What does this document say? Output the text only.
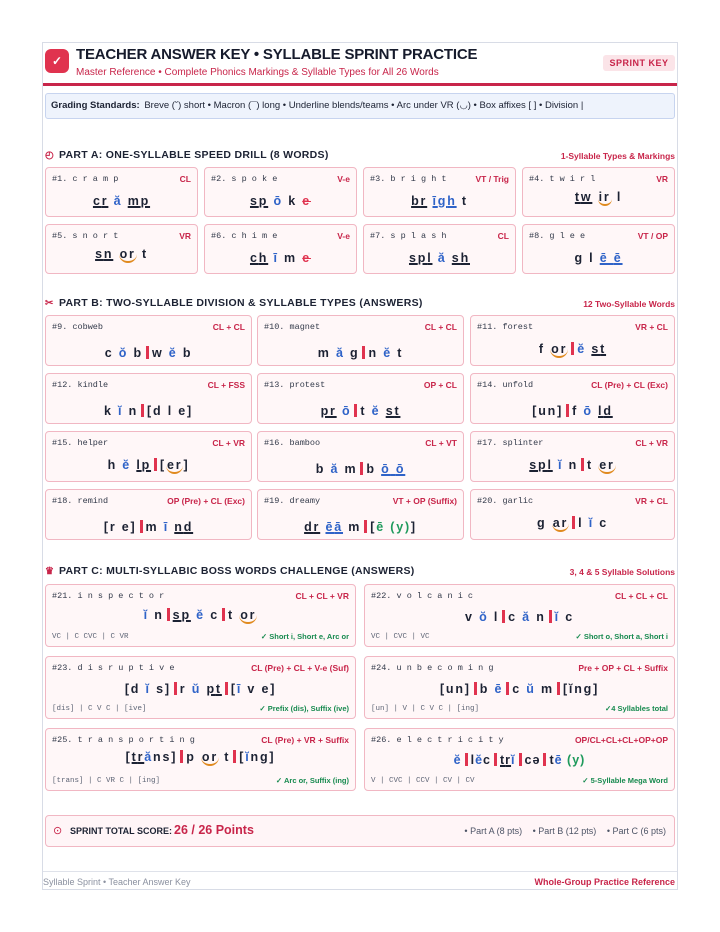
✓ TEACHER ANSWER KEY • SYLLABLE SPRINT PRACTICE
Master Reference • Complete Phonics Markings & Syllable Types for All 26 Words
SPRINT KEY
Grading Standards: Breve (˘) short • Macron (¯) long • Underline blends/teams • Arc under VR (◡) • Box affixes [ ] • Division |
◴ PART A: ONE-SYLLABLE SPEED DRILL (8 WORDS)	1-Syllable Types & Markings
#1. c r a m p	CL
cr ă mp
#2. s p o k e	V-e
sp ō k e
#3. b r i g h t	VT / Trig
br īgh t
#4. t w i r l	VR
tw ir l
#5. s n o r t	VR
sn or t
#6. c h i m e	V-e
ch ī m e
#7. s p l a s h	CL
spl ă sh
#8. g l e e	VT / OP
g l ē ē
✂ PART B: TWO-SYLLABLE DIVISION & SYLLABLE TYPES (ANSWERS)	12 Two-Syllable Words
#9. cobweb	CL + CL
c ŏ b w ĕ b
#10. magnet	CL + CL
m ă g n ĕ t
#11. forest	VR + CL
f or ĕ st
#12. kindle	CL + FSS
k ĭ n [d l e]
#13. protest	OP + CL
pr ō t ĕ st
#14. unfold	CL (Pre) + CL (Exc)
[un] f ō ld
#15. helper	CL + VR
h ĕ lp [er]
#16. bamboo	CL + VT
b ă m b ō ō
#17. splinter	CL + VR
spl ĭ n t er
#18. remind	OP (Pre) + CL (Exc)
[r e] m ī nd
#19. dreamy	VT + OP (Suffix)
dr ēā m [ē (y)]
#20. garlic	VR + CL
g ar l ĭ c
♛ PART C: MULTI-SYLLABIC BOSS WORDS CHALLENGE (ANSWERS)	3, 4 & 5 Syllable Solutions
#21. i n s p e c t o r	CL + CL + VR
ĭ n sp ĕ c t or
VC | C CVC | C VR	✓ Short i, Short e, Arc or
#22. v o l c a n i c	CL + CL + CL
v ŏ l c ă n ĭ c
VC | CVC | VC	✓ Short o, Short a, Short i
#23. d i s r u p t i v e	CL (Pre) + CL + V-e (Suf)
[d ĭ s] r ŭ pt [ī v e]
[dis] | C V C | [ive]	✓ Prefix (dis), Suffix (ive)
#24. u n b e c o m i n g	Pre + OP + CL + Suffix
[un] b ē c ŭ m [ĭng]
[un] | V | C V C | [ing]	✓4 Syllables total
#25. t r a n s p o r t i n g	CL (Pre) + VR + Suffix
[trăns] p or t [ĭng]
[trans] | C VR C | [ing]	✓ Arc or, Suffix (ing)
#26. e l e c t r i c i t y	OP/CL+CL+CL+OP+OP
ĕ lĕc trĭ cə tē (y)
V | CVC | CCV | CV | CV	✓ 5-Syllable Mega Word
⊙ SPRINT TOTAL SCORE: 26 / 26 Points	• Part A (8 pts) • Part B (12 pts) • Part C (6 pts)
Syllable Sprint • Teacher Answer Key	Whole-Group Practice Reference
